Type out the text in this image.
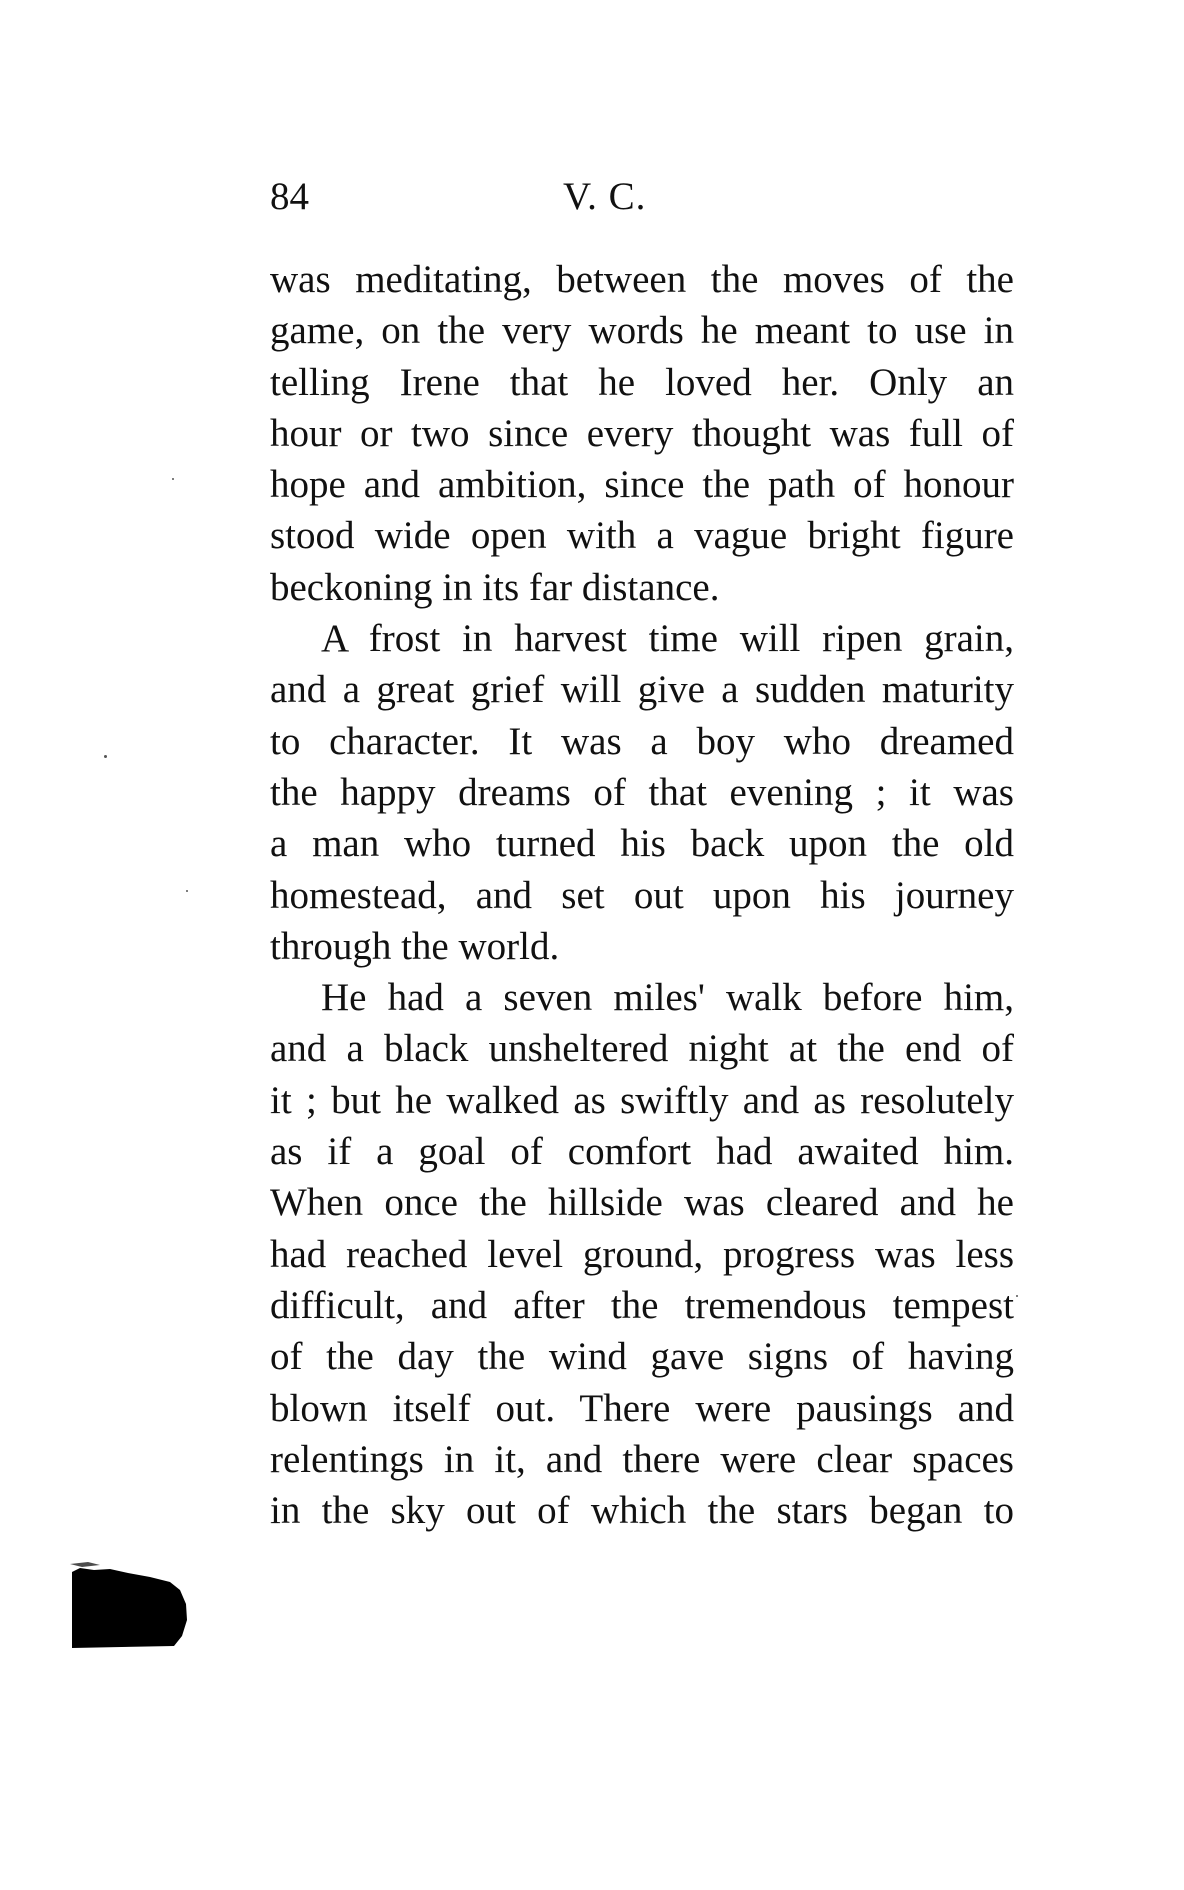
84	V. C.
was meditating, between the moves of the
game, on the very words he meant to use in
telling Irene that he loved her. Only an
hour or two since every thought was full of
hope and ambition, since the path of honour
stood wide open with a vague bright figure
beckoning in its far distance.
A frost in harvest time will ripen grain,
and a great grief will give a sudden maturity
to character. It was a boy who dreamed
the happy dreams of that evening ; it was
a man who turned his back upon the old
homestead, and set out upon his journey
through the world.
He had a seven miles' walk before him,
and a black unsheltered night at the end of
it ; but he walked as swiftly and as resolutely
as if a goal of comfort had awaited him.
When once the hillside was cleared and he
had reached level ground, progress was less
difficult, and after the tremendous tempest
of the day the wind gave signs of having
blown itself out. There were pausings and
relentings in it, and there were clear spaces
in the sky out of which the stars began to
